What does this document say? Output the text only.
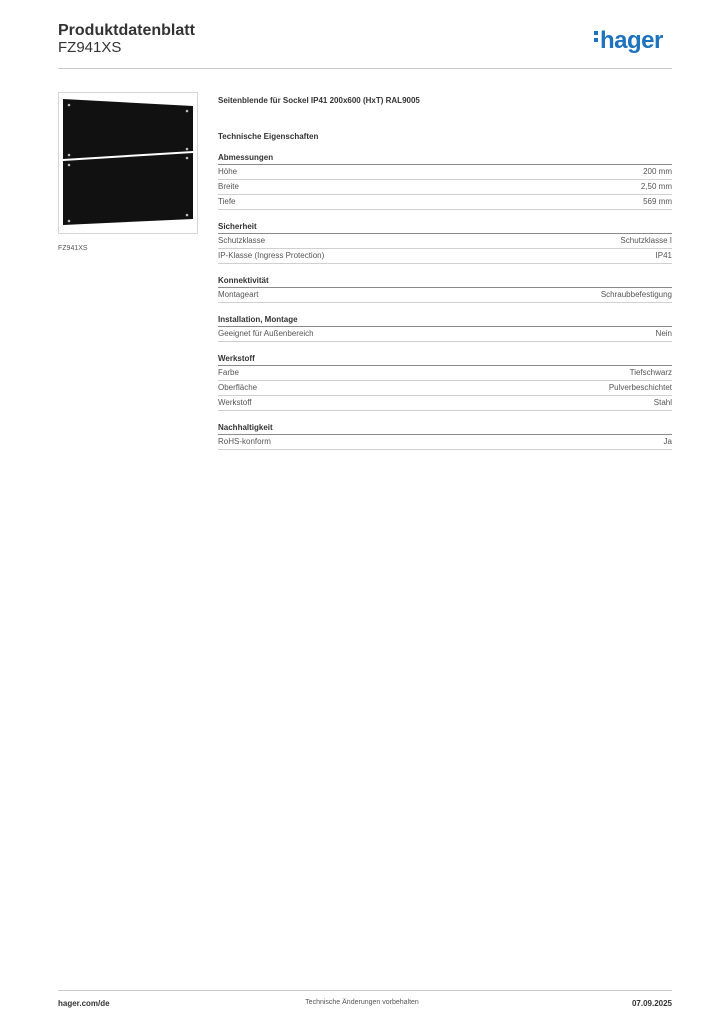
Produktdatenblatt
FZ941XS	hager
FZ941XS

Seitenblende für Sockel IP41 200x600 (HxT) RAL9005

Technische Eigenschaften

Abmessungen
Höhe	200 mm
Breite	2,50 mm
Tiefe	569 mm
Sicherheit
Schutzklasse	Schutzklasse I
IP-Klasse (Ingress Protection)	IP41
Konnektivität
Montageart	Schraubbefestigung
Installation, Montage
Geeignet für Außenbereich	Nein
Werkstoff
Farbe	Tiefschwarz
Oberfläche	Pulverbeschichtet
Werkstoff	Stahl
Nachhaltigkeit
RoHS-konform	Ja
hager.com/de	Technische Änderungen vorbehalten	07.09.2025
